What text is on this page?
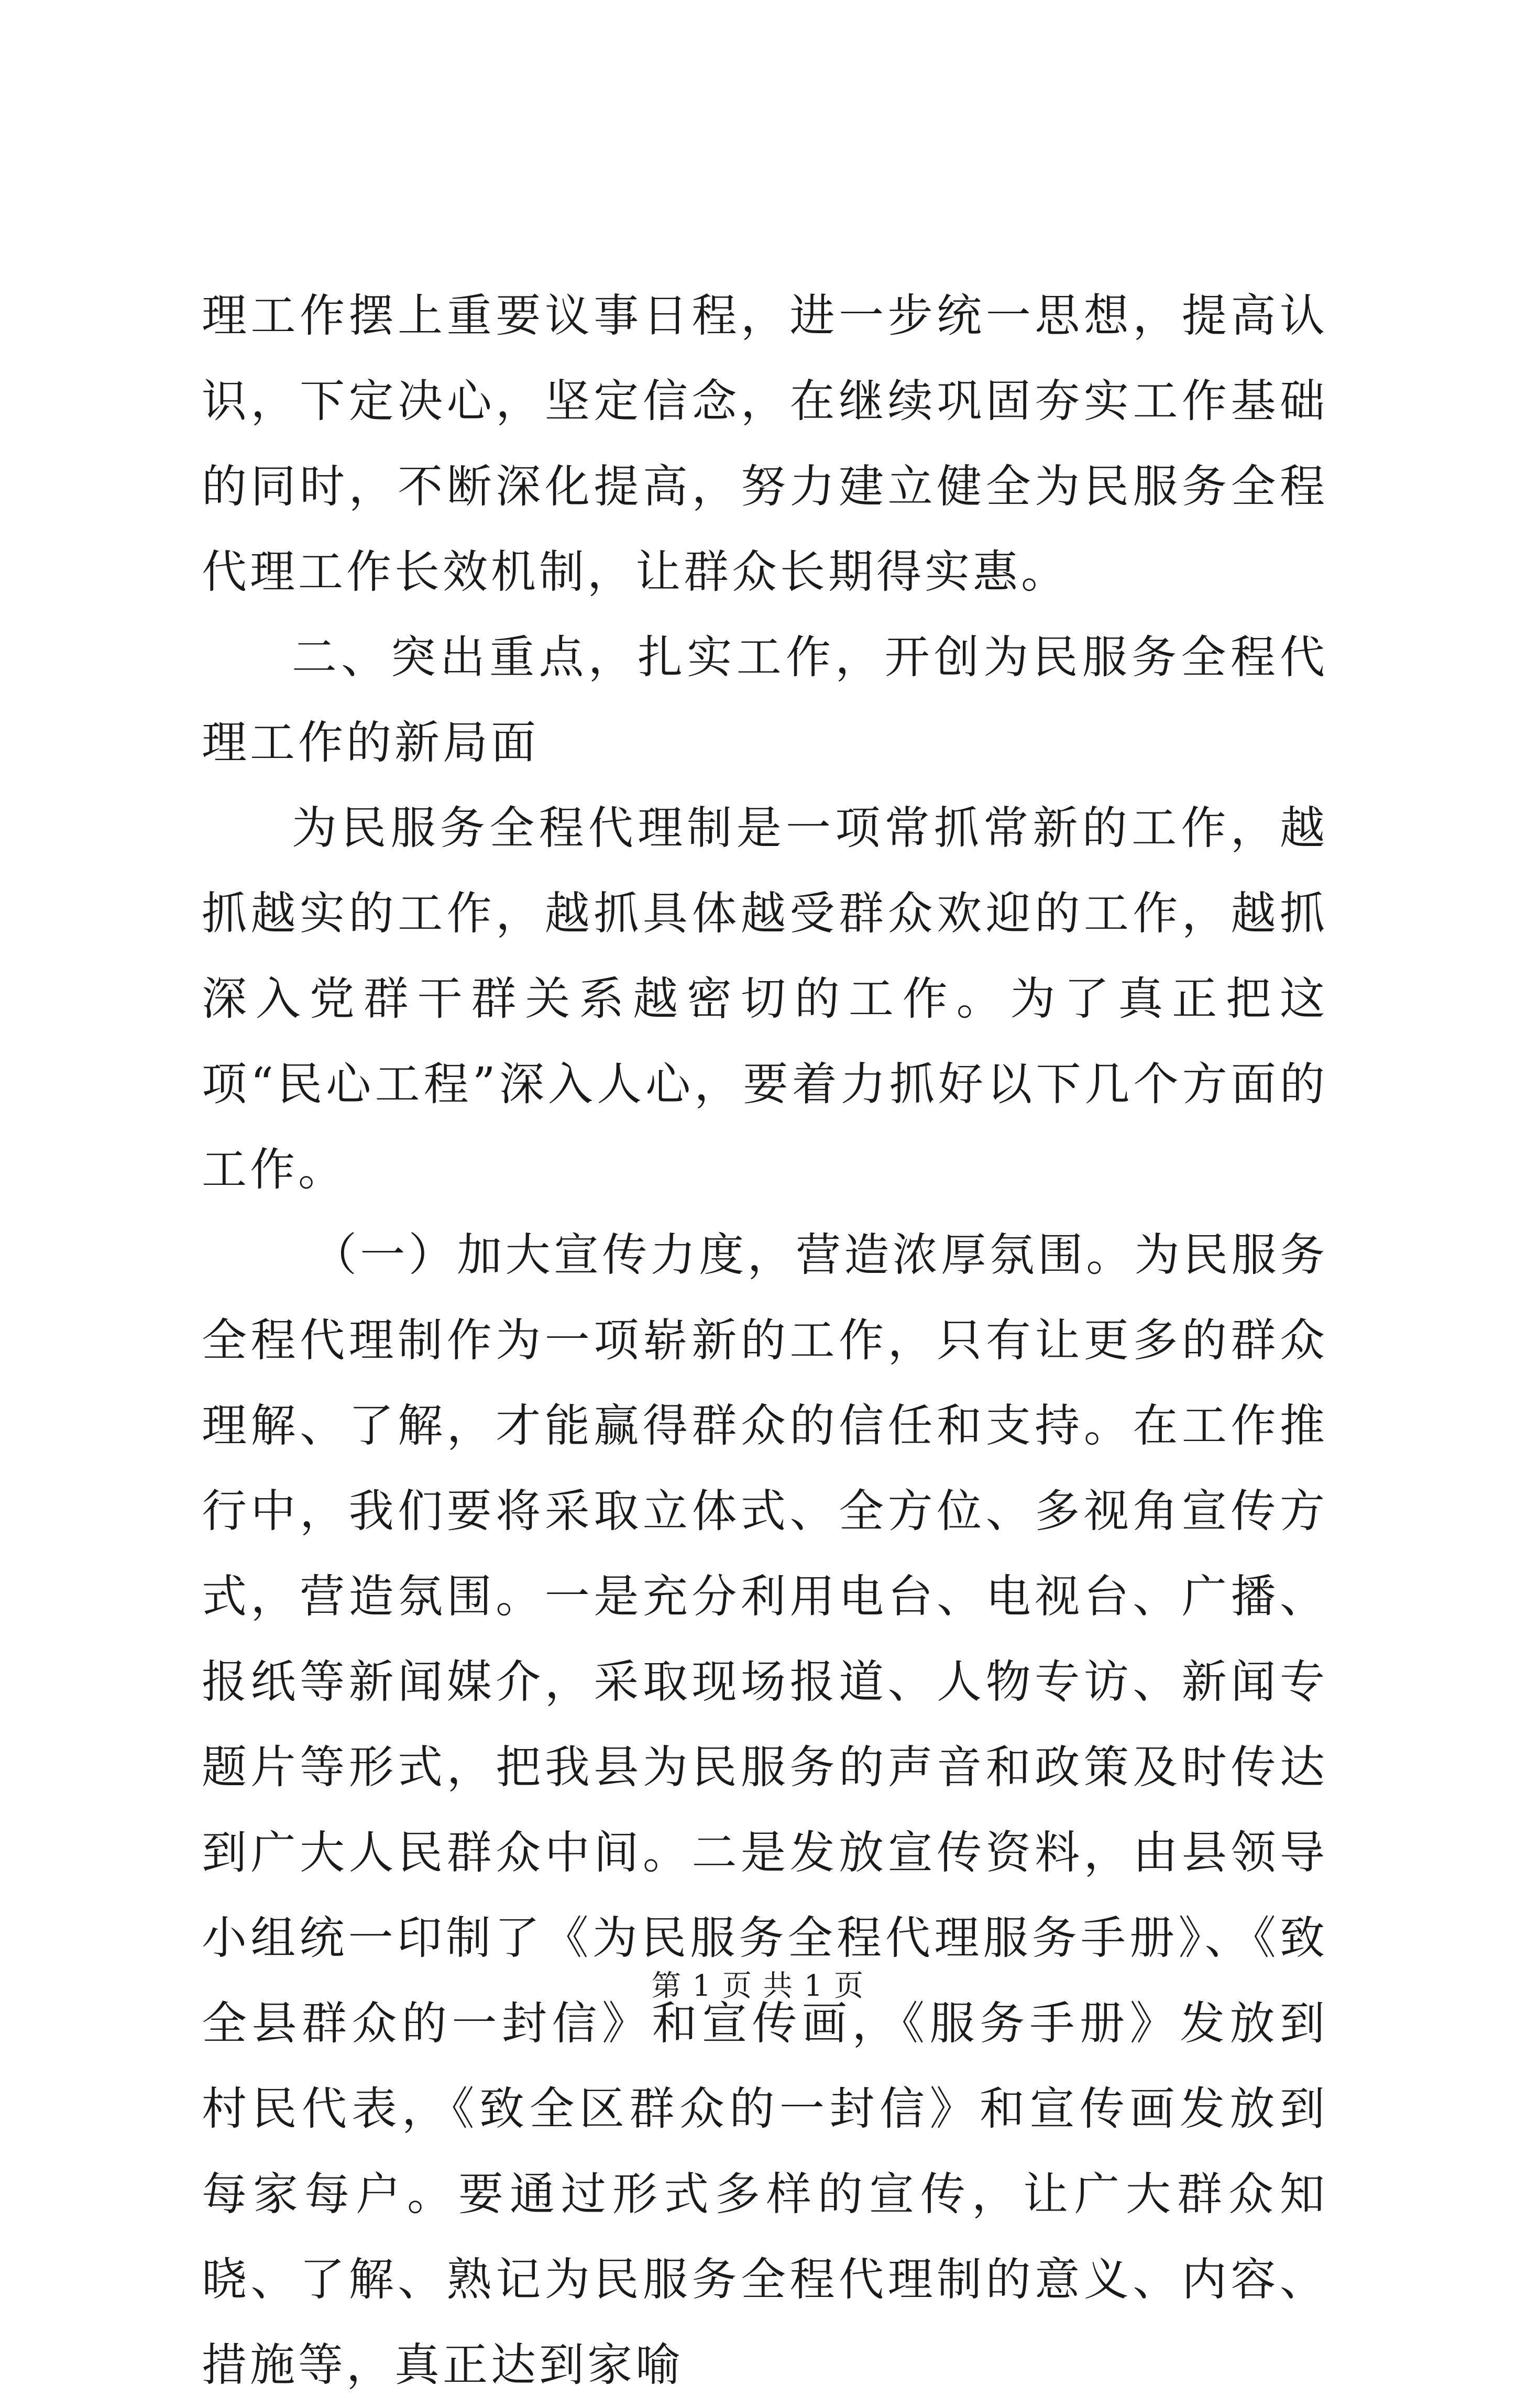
理工作摆上重要议事日程，进一步统一思想，提高认识，下定决心，坚定信念，在继续巩固夯实工作基础的同时，不断深化提高，努力建立健全为民服务全程代理工作长效机制，让群众长期得实惠。

二、突出重点，扎实工作，开创为民服务全程代理工作的新局面

为民服务全程代理制是一项常抓常新的工作，越抓越实的工作，越抓具体越受群众欢迎的工作，越抓深入党群干群关系越密切的工作。为了真正把这项“民心工程”深入人心，要着力抓好以下几个方面的工作。

（一）加大宣传力度，营造浓厚氛围。为民服务全程代理制作为一项崭新的工作，只有让更多的群众理解、了解，才能赢得群众的信任和支持。在工作推行中，我们要将采取立体式、全方位、多视角宣传方式，营造氛围。一是充分利用电台、电视台、广播、报纸等新闻媒介，采取现场报道、人物专访、新闻专题片等形式，把我县为民服务的声音和政策及时传达到广大人民群众中间。二是发放宣传资料，由县领导小组统一印制了《为民服务全程代理服务手册》、《致全县群众的一封信》和宣传画，《服务手册》发放到村民代表，《致全区群众的一封信》和宣传画发放到每家每户。要通过形式多样的宣传，让广大群众知晓、了解、熟记为民服务全程代理制的意义、内容、措施等，真正达到家喻

第 1 页 共 1 页
